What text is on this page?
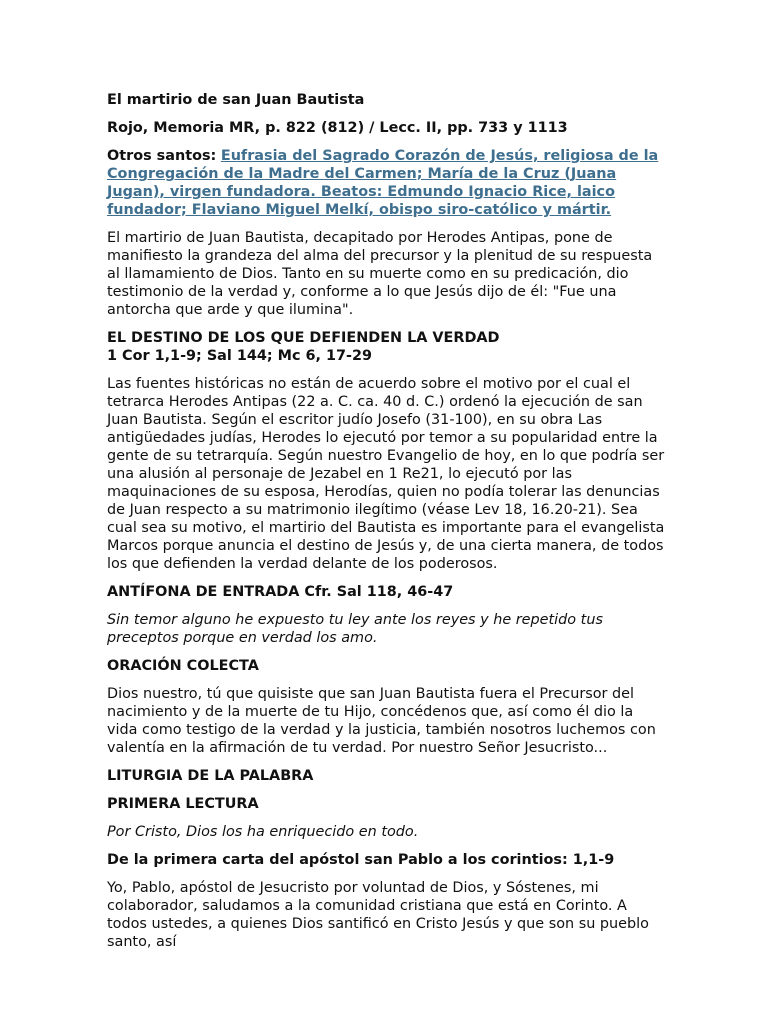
El martirio de san Juan Bautista
Rojo, Memoria MR, p. 822 (812) / Lecc. II, pp. 733 y 1113
Otros santos: Eufrasia del Sagrado Corazón de Jesús, religiosa de la Congregación de la Madre del Carmen; María de la Cruz (Juana Jugan), virgen fundadora. Beatos: Edmundo Ignacio Rice, laico fundador; Flaviano Miguel Melkí, obispo siro-católico y mártir.
El martirio de Juan Bautista, decapitado por Herodes Antipas, pone de manifiesto la grandeza del alma del precursor y la plenitud de su respuesta al llamamiento de Dios. Tanto en su muerte como en su predicación, dio testimonio de la verdad y, conforme a lo que Jesús dijo de él: "Fue una antorcha que arde y que ilumina".
EL DESTINO DE LOS QUE DEFIENDEN LA VERDAD
1 Cor 1,1-9; Sal 144; Mc 6, 17-29
Las fuentes históricas no están de acuerdo sobre el motivo por el cual el tetrarca Herodes Antipas (22 a. C. ca. 40 d. C.) ordenó la ejecución de san Juan Bautista. Según el escritor judío Josefo (31-100), en su obra Las antigüedades judías, Herodes lo ejecutó por temor a su popularidad entre la gente de su tetrarquía. Según nuestro Evangelio de hoy, en lo que podría ser una alusión al personaje de Jezabel en 1 Re21, lo ejecutó por las maquinaciones de su esposa, Herodías, quien no podía tolerar las denuncias de Juan respecto a su matrimonio ilegítimo (véase Lev 18, 16.20-21). Sea cual sea su motivo, el martirio del Bautista es importante para el evangelista Marcos porque anuncia el destino de Jesús y, de una cierta manera, de todos los que defienden la verdad delante de los poderosos.
ANTÍFONA DE ENTRADA Cfr. Sal 118, 46-47
Sin temor alguno he expuesto tu ley ante los reyes y he repetido tus preceptos porque en verdad los amo.
ORACIÓN COLECTA
Dios nuestro, tú que quisiste que san Juan Bautista fuera el Precursor del nacimiento y de la muerte de tu Hijo, concédenos que, así como él dio la vida como testigo de la verdad y la justicia, también nosotros luchemos con valentía en la afirmación de tu verdad. Por nuestro Señor Jesucristo...
LITURGIA DE LA PALABRA
PRIMERA LECTURA
Por Cristo, Dios los ha enriquecido en todo.
De la primera carta del apóstol san Pablo a los corintios: 1,1-9
Yo, Pablo, apóstol de Jesucristo por voluntad de Dios, y Sóstenes, mi colaborador, saludamos a la comunidad cristiana que está en Corinto. A todos ustedes, a quienes Dios santificó en Cristo Jesús y que son su pueblo santo, así
